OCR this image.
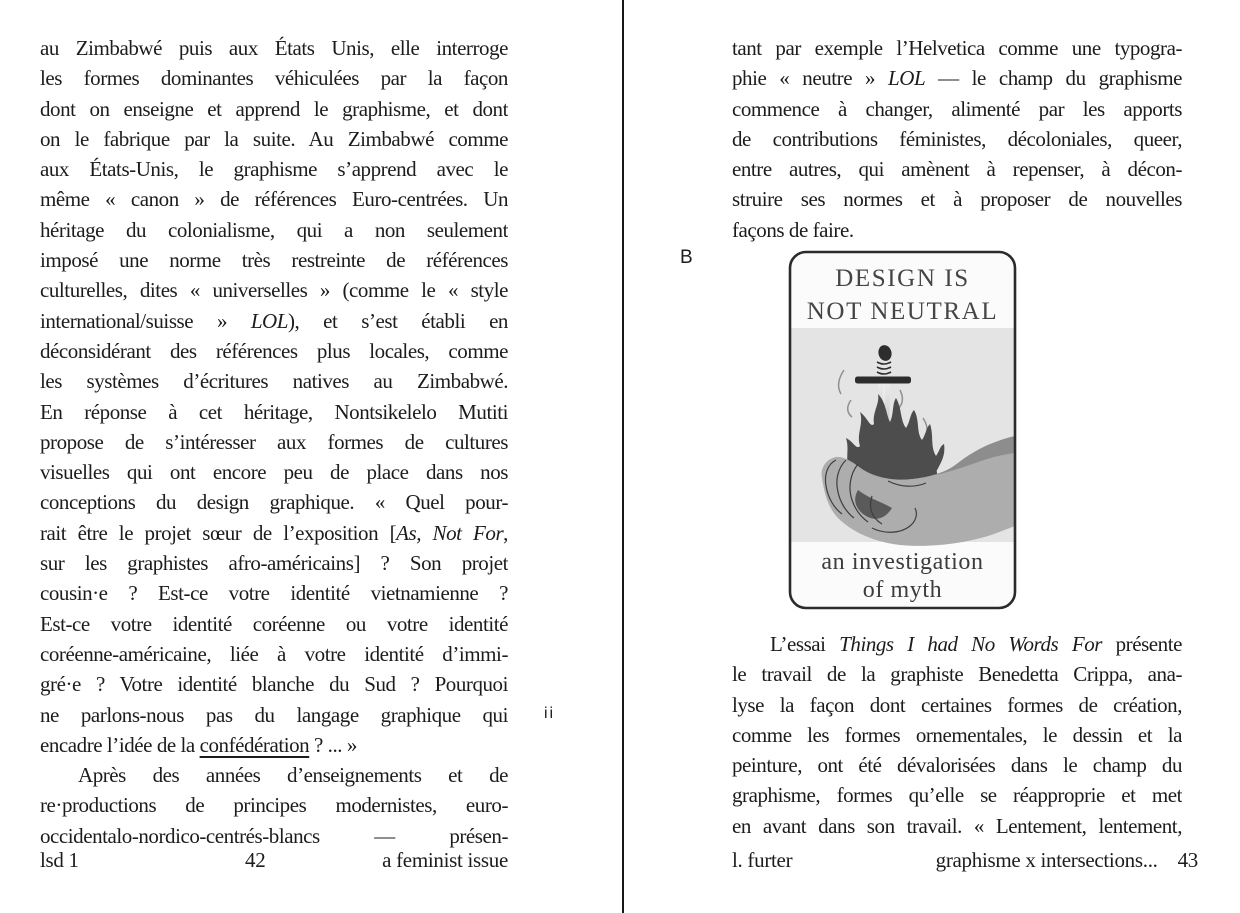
au Zimbabwé puis aux États Unis, elle interroge
les formes dominantes véhiculées par la façon
dont on enseigne et apprend le graphisme, et dont
on le fabrique par la suite. Au Zimbabwé comme
aux États-Unis, le graphisme s’apprend avec le
même « canon » de références Euro-centrées. Un
héritage du colonialisme, qui a non seulement
imposé une norme très restreinte de références
culturelles, dites « universelles » (comme le « style
international/suisse » LOL), et s’est établi en
déconsidérant des références plus locales, comme
les systèmes d’écritures natives au Zimbabwé.
En réponse à cet héritage, Nontsikelelo Mutiti
propose de s’intéresser aux formes de cultures
visuelles qui ont encore peu de place dans nos
conceptions du design graphique. « Quel pour-
rait être le projet sœur de l’exposition [As, Not For,
sur les graphistes afro-américains] ? Son projet
cousin·e ? Est-ce votre identité vietnamienne ?
Est-ce votre identité coréenne ou votre identité
coréenne-américaine, liée à votre identité d’immi-
gré·e ? Votre identité blanche du Sud ? Pourquoi
ne parlons-nous pas du langage graphique qui
encadre l’idée de la confédération ? ... »
Après des années d’enseignements et de
re·productions de principes modernistes, euro-
occidentalo-nordico-centrés-blancs — présen-
ii
B
tant par exemple l’Helvetica comme une typogra-
phie « neutre » LOL — le champ du graphisme
commence à changer, alimenté par les apports
de contributions féministes, décoloniales, queer,
entre autres, qui amènent à repenser, à décon-
struire ses normes et à proposer de nouvelles
façons de faire.
DESIGN IS
NOT NEUTRAL
an investigation
of myth
L’essai Things I had No Words For présente
le travail de la graphiste Benedetta Crippa, ana-
lyse la façon dont certaines formes de création,
comme les formes ornementales, le dessin et la
peinture, ont été dévalorisées dans le champ du
graphisme, formes qu’elle se réapproprie et met
en avant dans son travail. « Lentement, lentement,
lsd 1	42	a feminist issue	l. furter	graphisme x intersections... 43
